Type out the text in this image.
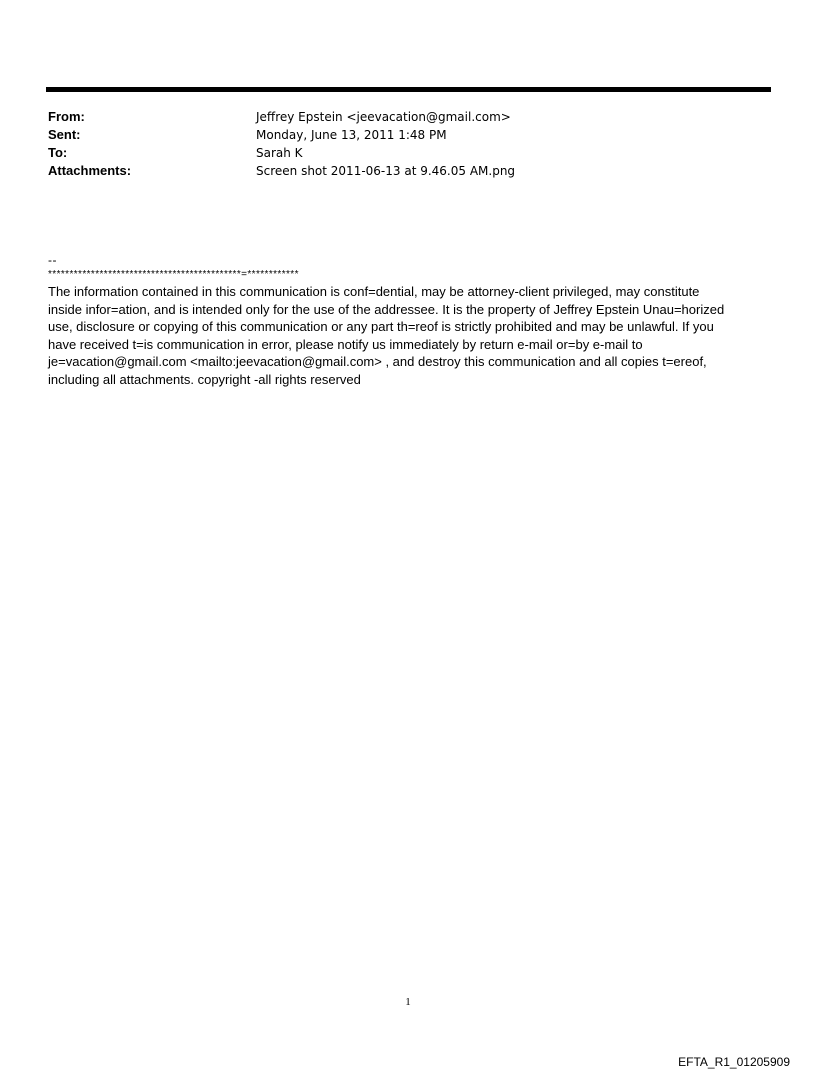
From:	Jeffrey Epstein <jeevacation@gmail.com>
Sent:	Monday, June 13, 2011 1:48 PM
To:	Sarah K
Attachments:	Screen shot 2011-06-13 at 9.46.05 AM.png
--
*********************************************=************

The information contained in this communication is conf=dential, may be attorney-client privileged, may constitute
inside infor=ation, and is intended only for the use of the addressee. It is the property of Jeffrey Epstein Unau=horized
use, disclosure or copying of this communication or any part th=reof is strictly prohibited and may be unlawful. If you
have received t=is communication in error, please notify us immediately by return e-mail or=by e-mail to
je=vacation@gmail.com <mailto:jeevacation@gmail.com> , and destroy this communication and all copies t=ereof,
including all attachments. copyright -all rights reserved

1
EFTA_R1_01205909
